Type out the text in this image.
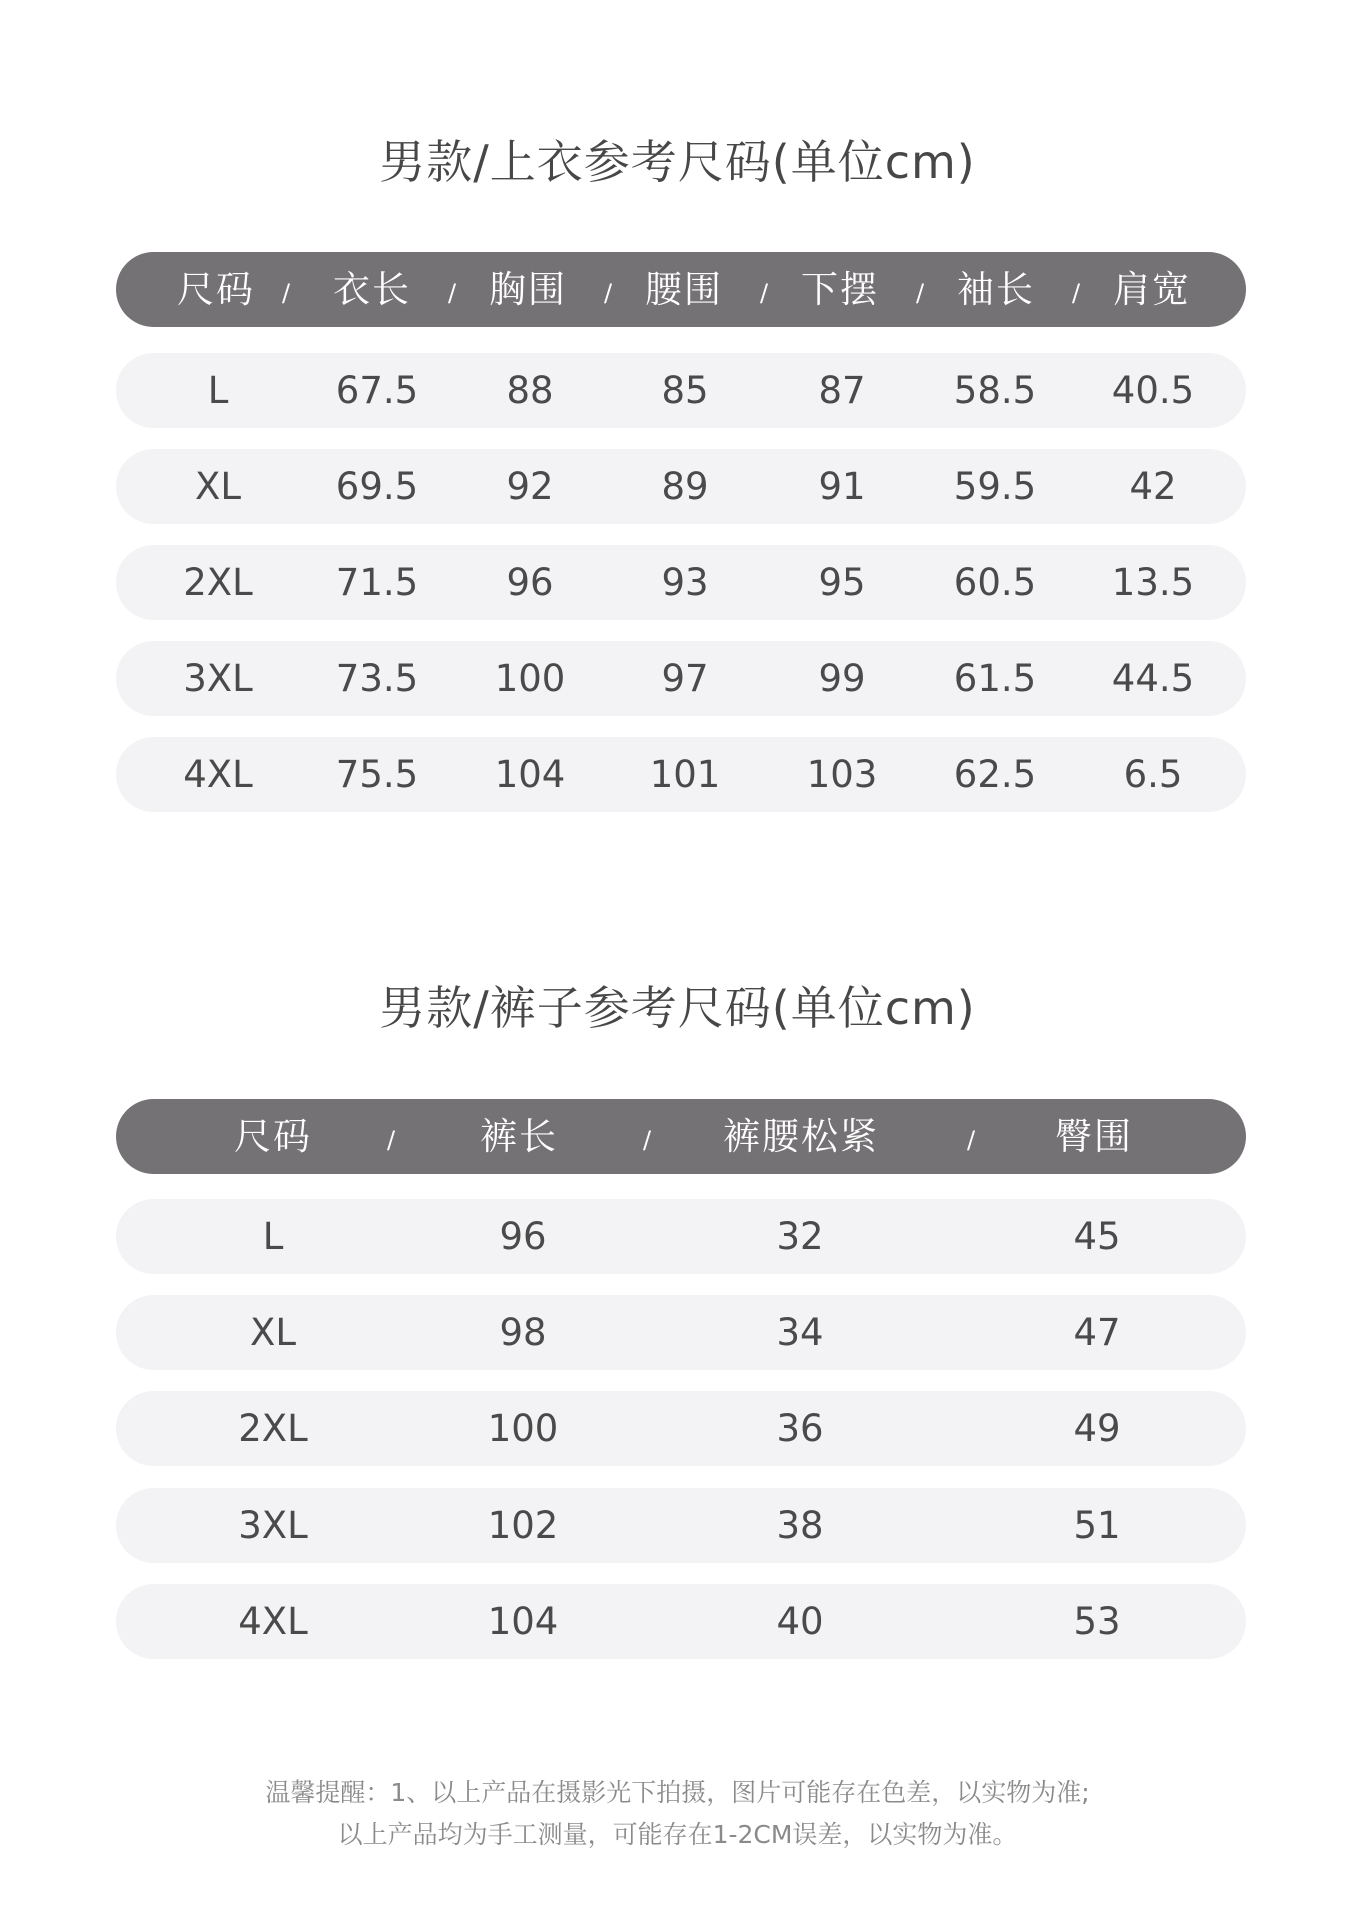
男款/上衣参考尺码(单位cm)
尺码 / 衣长 / 胸围 / 腰围 / 下摆 / 袖长 / 肩宽
L	67.5 88	85	87 58.5 40.5
XL	69.5 92	89	91 59.5	42
2XL 71.5 96	93	95 60.5 13.5
3XL 73.5 100	97	99 61.5 44.5
4XL 75.5 104 101 103 62.5 6.5
男款/裤子参考尺码(单位cm)
尺码	/ 裤长	/ 裤腰松紧	/ 臀围
L	96	32	45
XL	98	34	47
2XL	100	36	49
3XL	102	38	51
4XL	104	40	53
温馨提醒：1、以上产品在摄影光下拍摄，图片可能存在色差，以实物为准;
以上产品均为手工测量，可能存在1-2CM误差，以实物为准。
